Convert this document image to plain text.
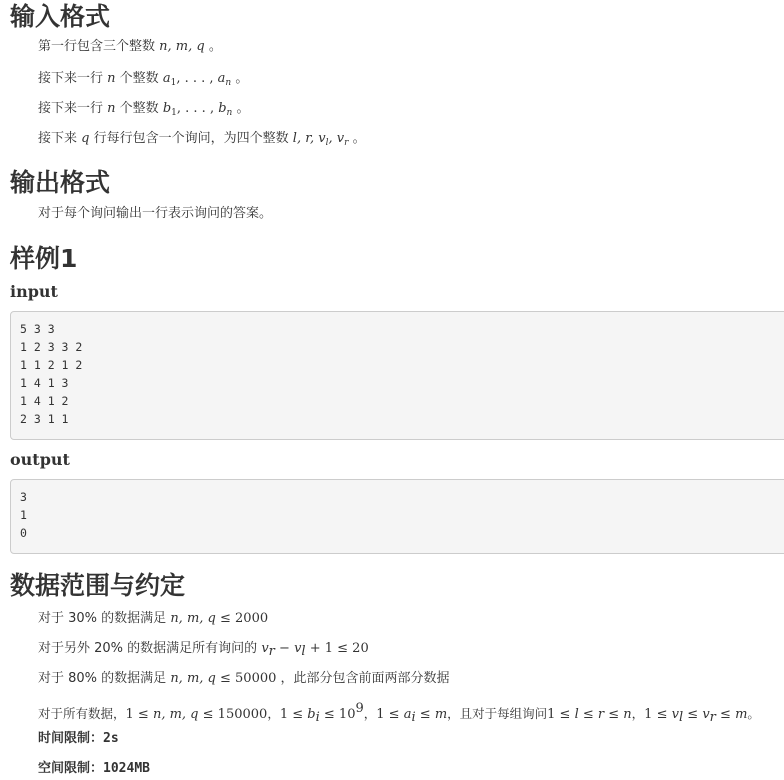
输入格式

第一行包含三个整数 n, m, q 。

接下来一行 n 个整数 $a_1$, . . . , $a_n$ 。

接下来一行 n 个整数 $b_1$, . . . , $b_n$ 。

接下来 q 行每行包含一个询问，为四个整数 l, r, $v_l$, $v_r$ 。

输出格式

对于每个询问输出一行表示询问的答案。

样例1
input
5 3 3
1 2 3 3 2
1 1 2 1 2
1 4 1 3
1 4 1 2
2 3 1 1
output
3
1
0
数据范围与约定

对于 30% 的数据满足 n, m, q ≤ 2000

对于另外 20% 的数据满足所有询问的 $v_r - v_l + 1 \le 20$

对于 80% 的数据满足 n, m, q ≤ 50000 ，此部分包含前面两部分数据

对于所有数据，1 ≤ n, m, q ≤ 150000，$1 \le b_i \le 10^9$，$1 \le a_i \le m$，且对于每组询问1 ≤ l ≤ r ≤ n，$1 \le v_l \le v_r \le m$。

时间限制：2s

空间限制：1024MB
